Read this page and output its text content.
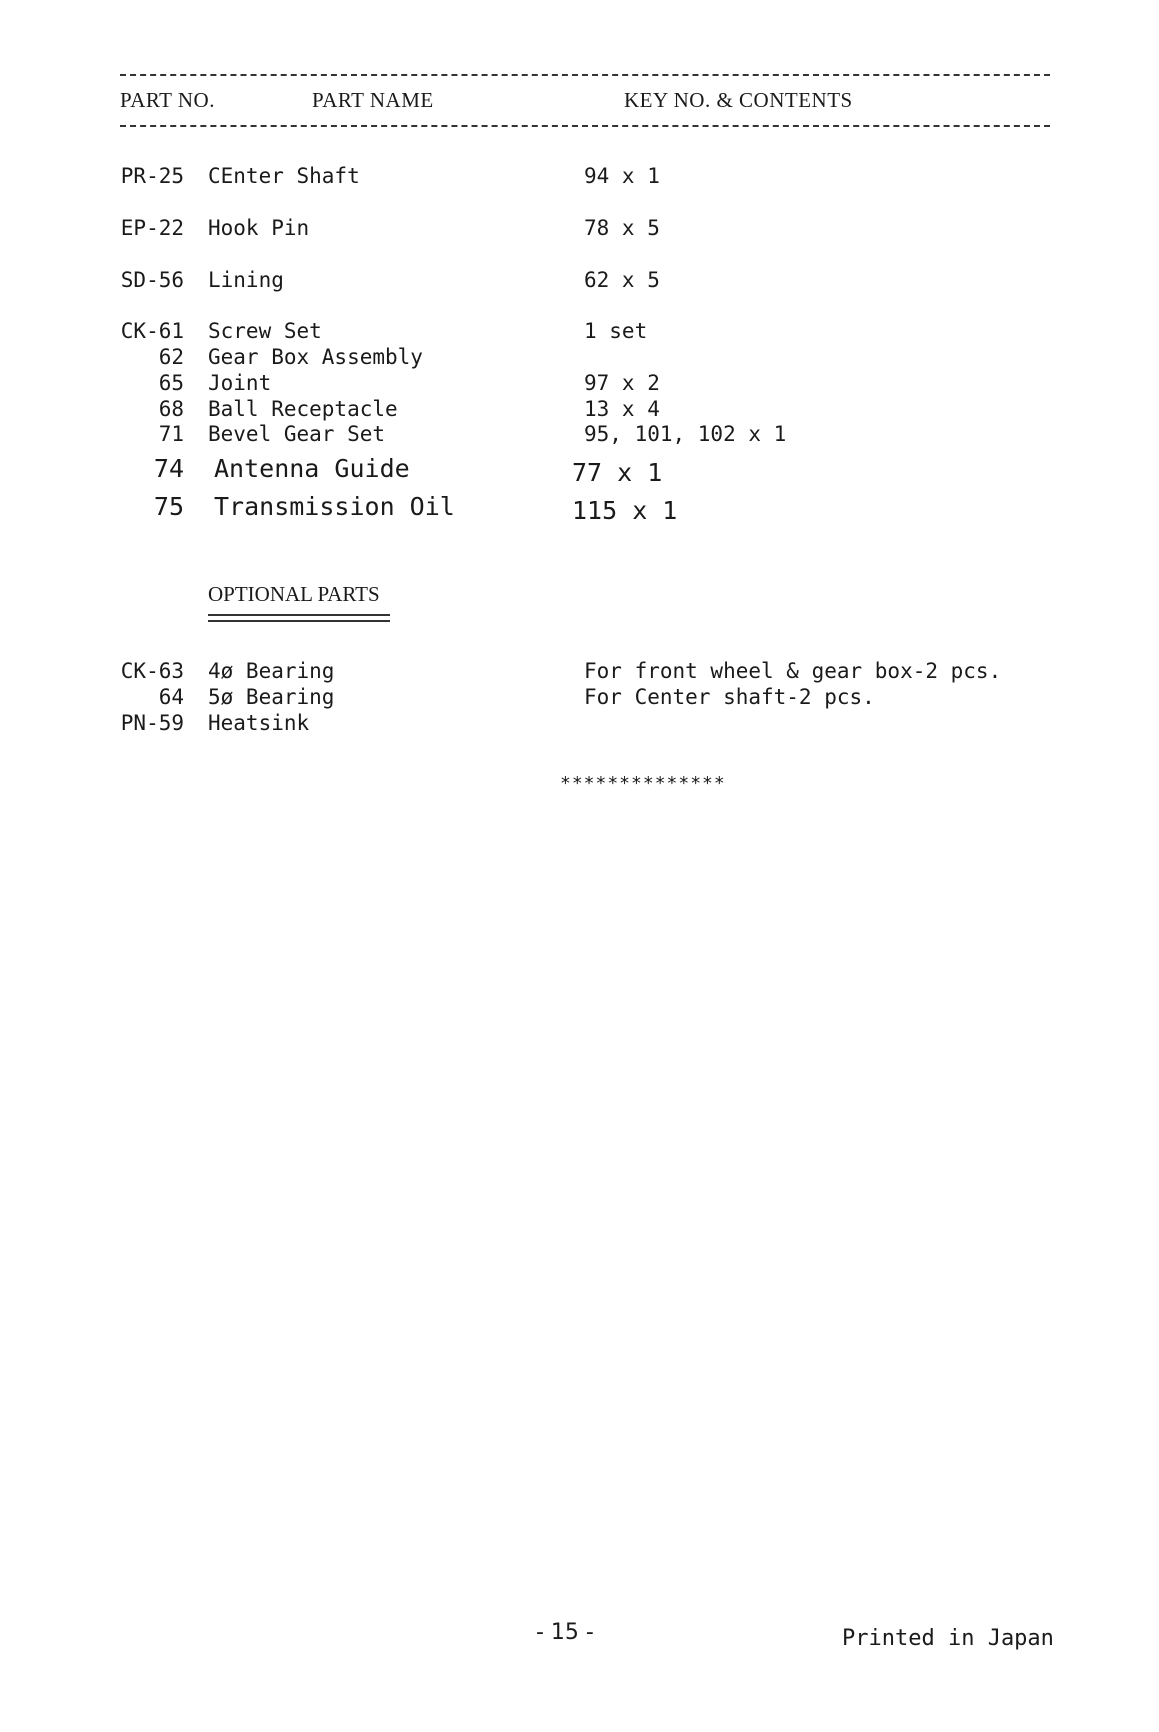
PART NO.	PART NAME	KEY NO. & CONTENTS
PR-25 CEnter Shaft	94 x 1
EP-22 Hook Pin	78 x 5
SD-56 Lining	62 x 5
CK-61 Screw Set	1 set
62 Gear Box Assembly
65 Joint	97 x 2
68 Ball Receptacle	13 x 4
71 Bevel Gear Set	95, 101, 102 x 1
74 Antenna Guide	77 x 1
75 Transmission Oil	115 x 1
OPTIONAL PARTS
CK-63 4ø Bearing	For front wheel & gear box-2 pcs.
64 5ø Bearing	For Center shaft-2 pcs.
PN-59 Heatsink
**************
- 15 -	Printed in Japan
